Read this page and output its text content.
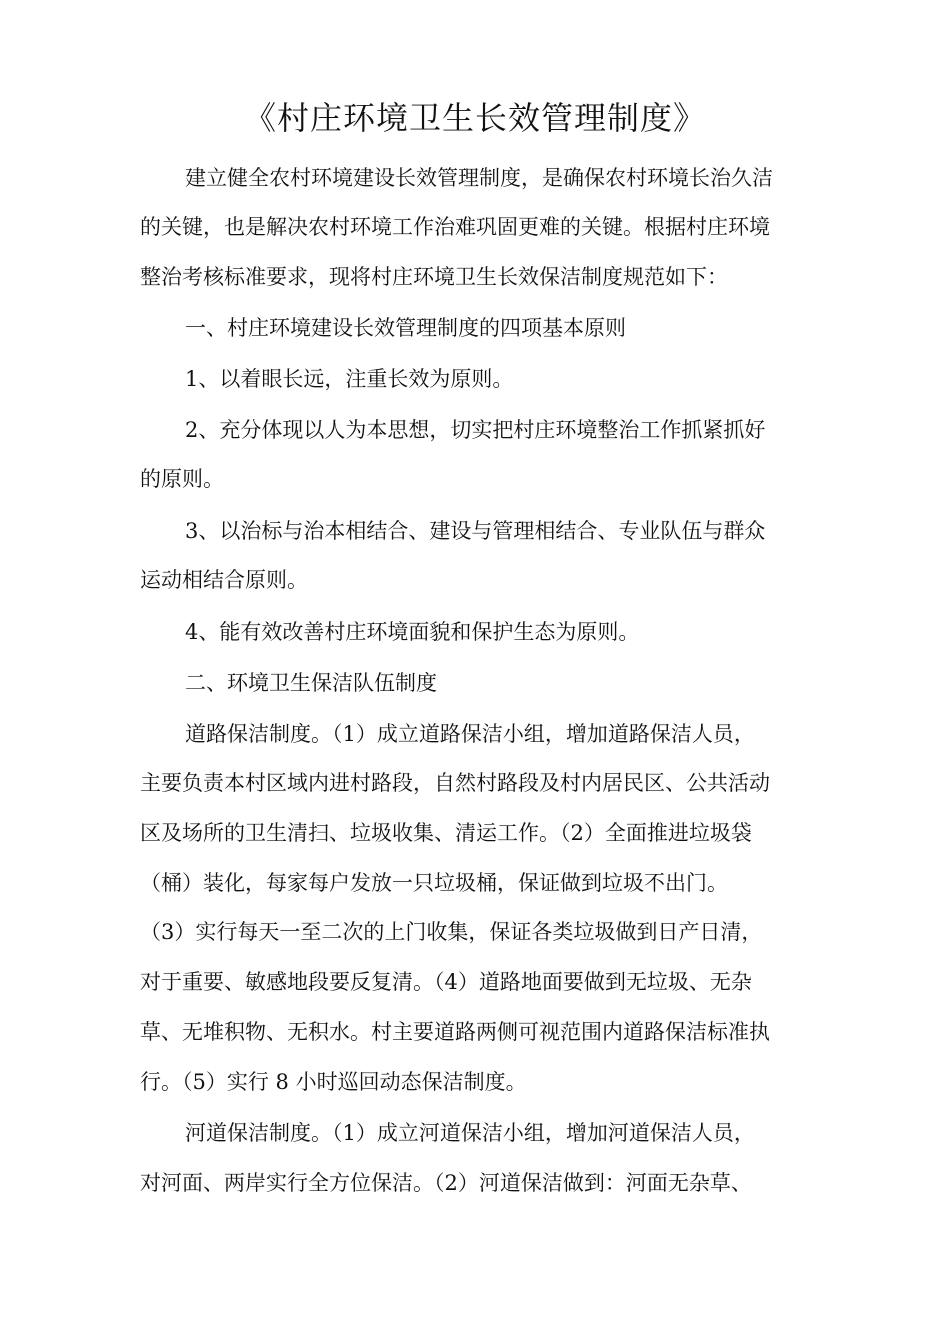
《村庄环境卫生长效管理制度》
建立健全农村环境建设长效管理制度，是确保农村环境长治久洁
的关键，也是解决农村环境工作治难巩固更难的关键。根据村庄环境
整治考核标准要求，现将村庄环境卫生长效保洁制度规范如下：
一、村庄环境建设长效管理制度的四项基本原则
1、以着眼长远，注重长效为原则。
2、充分体现以人为本思想，切实把村庄环境整治工作抓紧抓好
的原则。
3、以治标与治本相结合、建设与管理相结合、专业队伍与群众
运动相结合原则。
4、能有效改善村庄环境面貌和保护生态为原则。
二、环境卫生保洁队伍制度
道路保洁制度。（1）成立道路保洁小组，增加道路保洁人员，
主要负责本村区域内进村路段，自然村路段及村内居民区、公共活动
区及场所的卫生清扫、垃圾收集、清运工作。（2）全面推进垃圾袋
（桶）装化，每家每户发放一只垃圾桶，保证做到垃圾不出门。
（3）实行每天一至二次的上门收集，保证各类垃圾做到日产日清，
对于重要、敏感地段要反复清。（4）道路地面要做到无垃圾、无杂
草、无堆积物、无积水。村主要道路两侧可视范围内道路保洁标准执
行。（5）实行 8 小时巡回动态保洁制度。
河道保洁制度。（1）成立河道保洁小组，增加河道保洁人员，
对河面、两岸实行全方位保洁。（2）河道保洁做到：河面无杂草、
